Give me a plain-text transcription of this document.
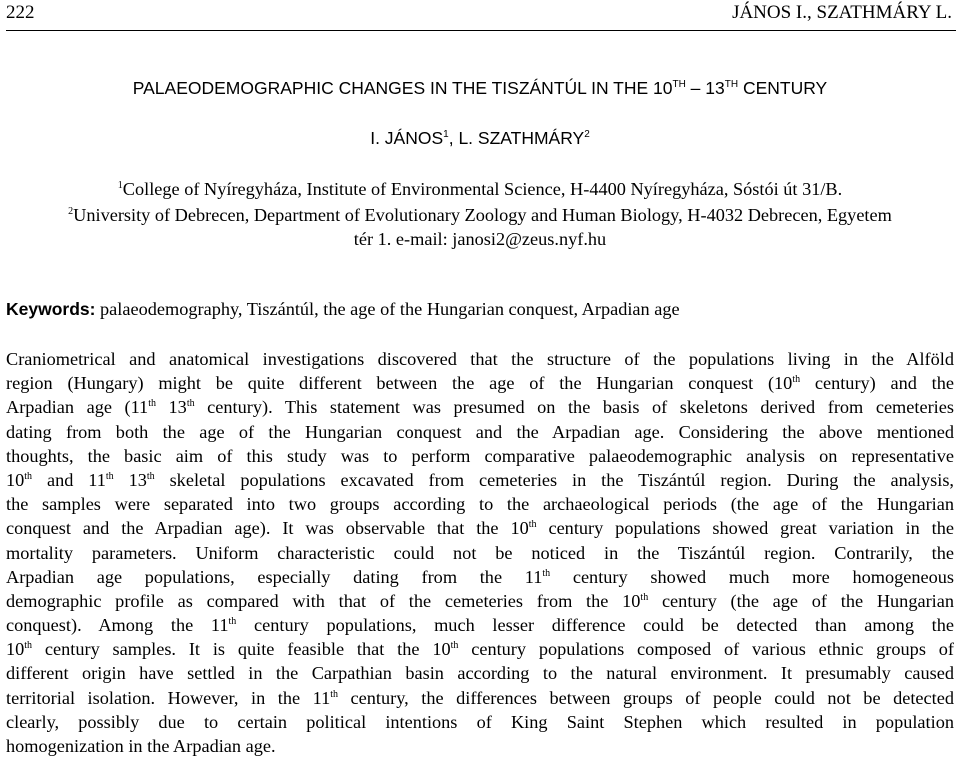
222	JÁNOS I., SZATHMÁRY L.
PALAEODEMOGRAPHIC CHANGES IN THE TISZÁNTÚL IN THE 10TH – 13TH CENTURY
I. JÁNOS$^1$, L. SZATHMÁRY$^2$
$^1$College of Nyíregyháza, Institute of Environmental Science, H-4400 Nyíregyháza, Sóstói út 31/B.
$^2$University of Debrecen, Department of Evolutionary Zoology and Human Biology, H-4032 Debrecen, Egyetem
tér 1. e-mail: janosi2@zeus.nyf.hu
Keywords: palaeodemography, Tiszántúl, the age of the Hungarian conquest, Arpadian age
Craniometrical and anatomical investigations discovered that the structure of the populations living in the Alföld
region (Hungary) might be quite different between the age of the Hungarian conquest (10th century) and the
Arpadian age (11th 13th century). This statement was presumed on the basis of skeletons derived from cemeteries
dating from both the age of the Hungarian conquest and the Arpadian age. Considering the above mentioned
thoughts, the basic aim of this study was to perform comparative palaeodemographic analysis on representative
10th and 11th 13th skeletal populations excavated from cemeteries in the Tiszántúl region. During the analysis,
the samples were separated into two groups according to the archaeological periods (the age of the Hungarian
conquest and the Arpadian age). It was observable that the 10th century populations showed great variation in the
mortality parameters. Uniform characteristic could not be noticed in the Tiszántúl region. Contrarily, the
Arpadian age populations, especially dating from the 11th century showed much more homogeneous
demographic profile as compared with that of the cemeteries from the 10th century (the age of the Hungarian
conquest). Among the 11th century populations, much lesser difference could be detected than among the
10th century samples. It is quite feasible that the 10th century populations composed of various ethnic groups of
different origin have settled in the Carpathian basin according to the natural environment. It presumably caused
territorial isolation. However, in the 11th century, the differences between groups of people could not be detected
clearly, possibly due to certain political intentions of King Saint Stephen which resulted in population
homogenization in the Arpadian age.
